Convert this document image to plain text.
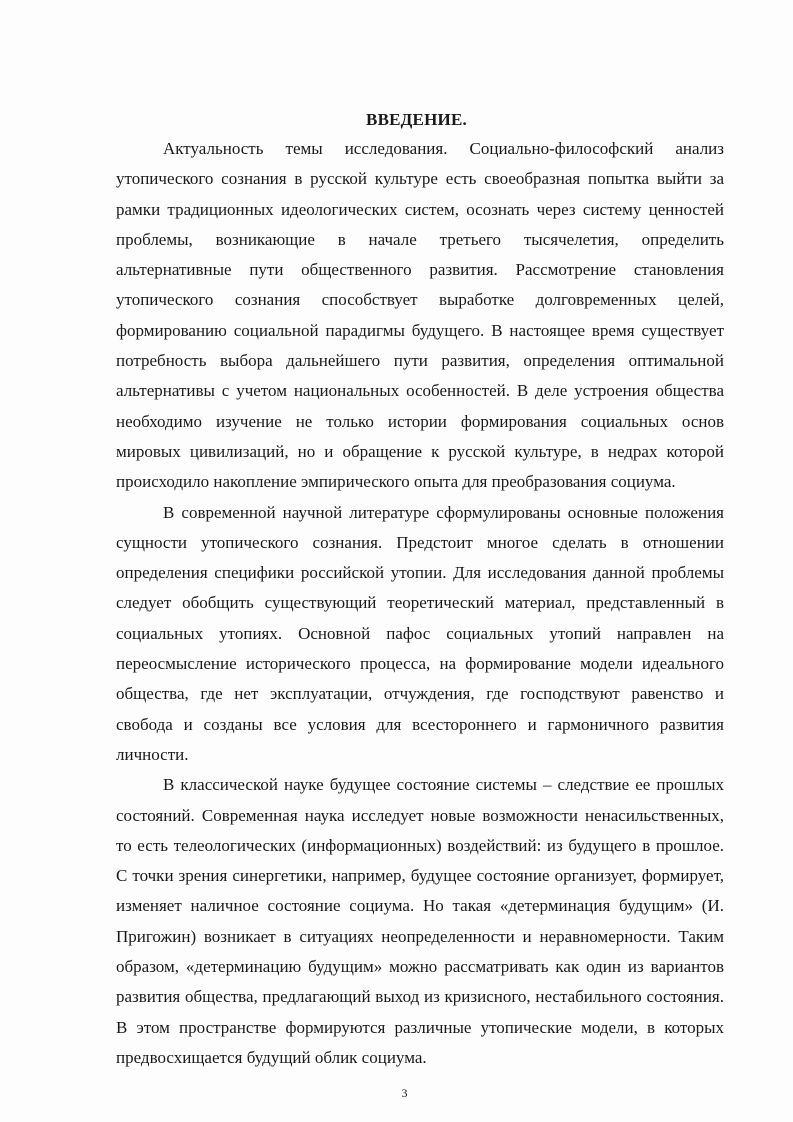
ВВЕДЕНИЕ.

Актуальность темы исследования. Социально-философский анализ утопического сознания в русской культуре есть своеобразная попытка выйти за рамки традиционных идеологических систем, осознать через систему ценностей проблемы, возникающие в начале третьего тысячелетия, определить альтернативные пути общественного развития. Рассмотрение становления утопического сознания способствует выработке долговременных целей, формированию социальной парадигмы будущего. В настоящее время существует потребность выбора дальнейшего пути развития, определения оптимальной альтернативы с учетом национальных особенностей. В деле устроения общества необходимо изучение не только истории формирования социальных основ мировых цивилизаций, но и обращение к русской культуре, в недрах которой происходило накопление эмпирического опыта для преобразования социума.

В современной научной литературе сформулированы основные положения сущности утопического сознания. Предстоит многое сделать в отношении определения специфики российской утопии. Для исследования данной проблемы следует обобщить существующий теоретический материал, представленный в социальных утопиях. Основной пафос социальных утопий направлен на переосмысление исторического процесса, на формирование модели идеального общества, где нет эксплуатации, отчуждения, где господствуют равенство и свобода и созданы все условия для всестороннего и гармоничного развития личности.

В классической науке будущее состояние системы – следствие ее прошлых состояний. Современная наука исследует новые возможности ненасильственных, то есть телеологических (информационных) воздействий: из будущего в прошлое. С точки зрения синергетики, например, будущее состояние организует, формирует, изменяет наличное состояние социума. Но такая «детерминация будущим» (И. Пригожин) возникает в ситуациях неопределенности и неравномерности. Таким образом, «детерминацию будущим» можно рассматривать как один из вариантов развития общества, предлагающий выход из кризисного, нестабильного состояния. В этом пространстве формируются различные утопические модели, в которых предвосхищается будущий облик социума.

3
